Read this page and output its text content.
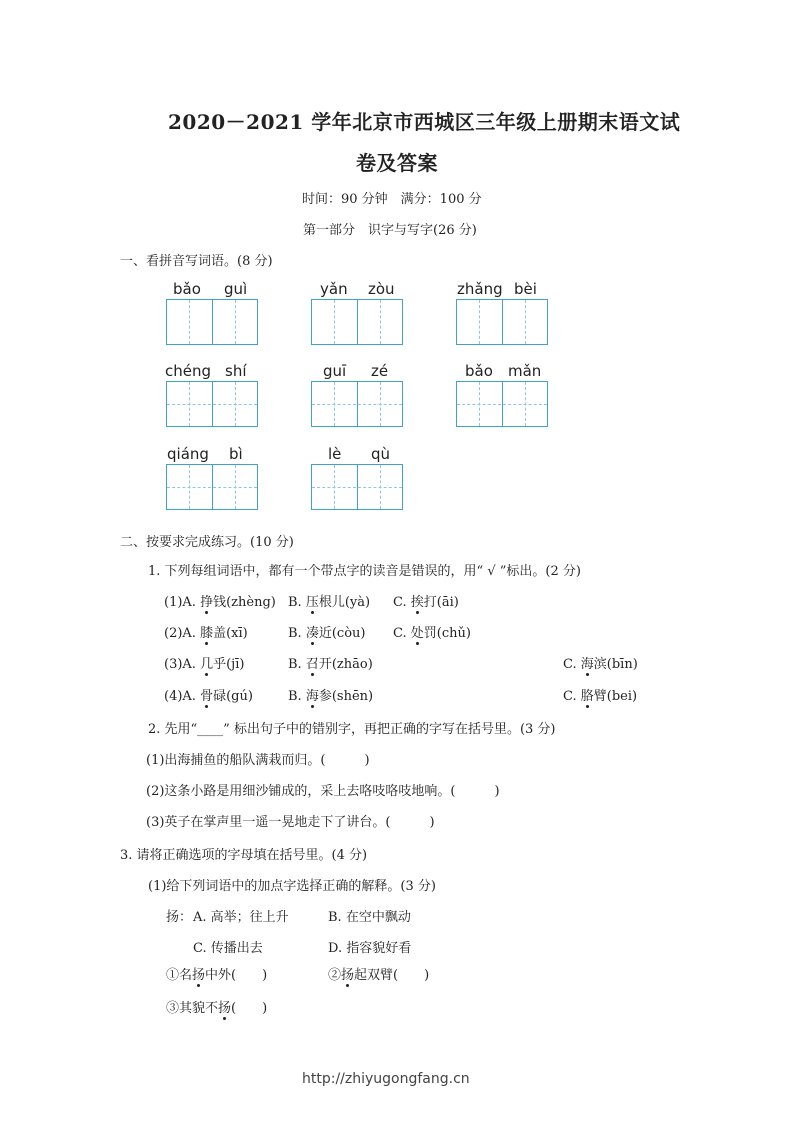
2020－2021 学年北京市西城区三年级上册期末语文试
卷及答案
时间：90 分钟　满分：100 分
第一部分　识字与写字(26 分)
一、看拼音写词语。(8 分)
bǎo guì	yǎn zòu	zhǎng bèi
chéng shí	guī zé	bǎo mǎn
qiáng bì	lè qù
二、按要求完成练习。(10 分)
1. 下列每组词语中，都有一个带点字的读音是错误的，用“ √ ”标出。(2 分)
(1)A. 挣钱(zhèng) B. 压根儿(yà) C. 挨打(āi)
(2)A. 膝盖(xī)	B. 凑近(còu) C. 处罚(chǔ)
(3)A. 几乎(jī)	B. 召开(zhāo)	C. 海滨(bīn)
(4)A. 骨碌(gú)	B. 海参(shēn)	C. 胳臂(bei)
2. 先用“____” 标出句子中的错别字，再把正确的字写在括号里。(3 分)
(1)出海捕鱼的船队满栽而归。(　　　)
(2)这条小路是用细沙铺成的，采上去咯吱咯吱地响。(　　　)
(3)英子在掌声里一遥一晃地走下了讲台。(　　　)
3. 请将正确选项的字母填在括号里。(4 分)
(1)给下列词语中的加点字选择正确的解释。(3 分)
扬： A. 高举；往上升	B. 在空中飘动
C. 传播出去	D. 指容貌好看
①名扬中外(　　)	②扬起双臂(　　)
③其貌不扬(　　)
http://zhiyugongfang.cn
